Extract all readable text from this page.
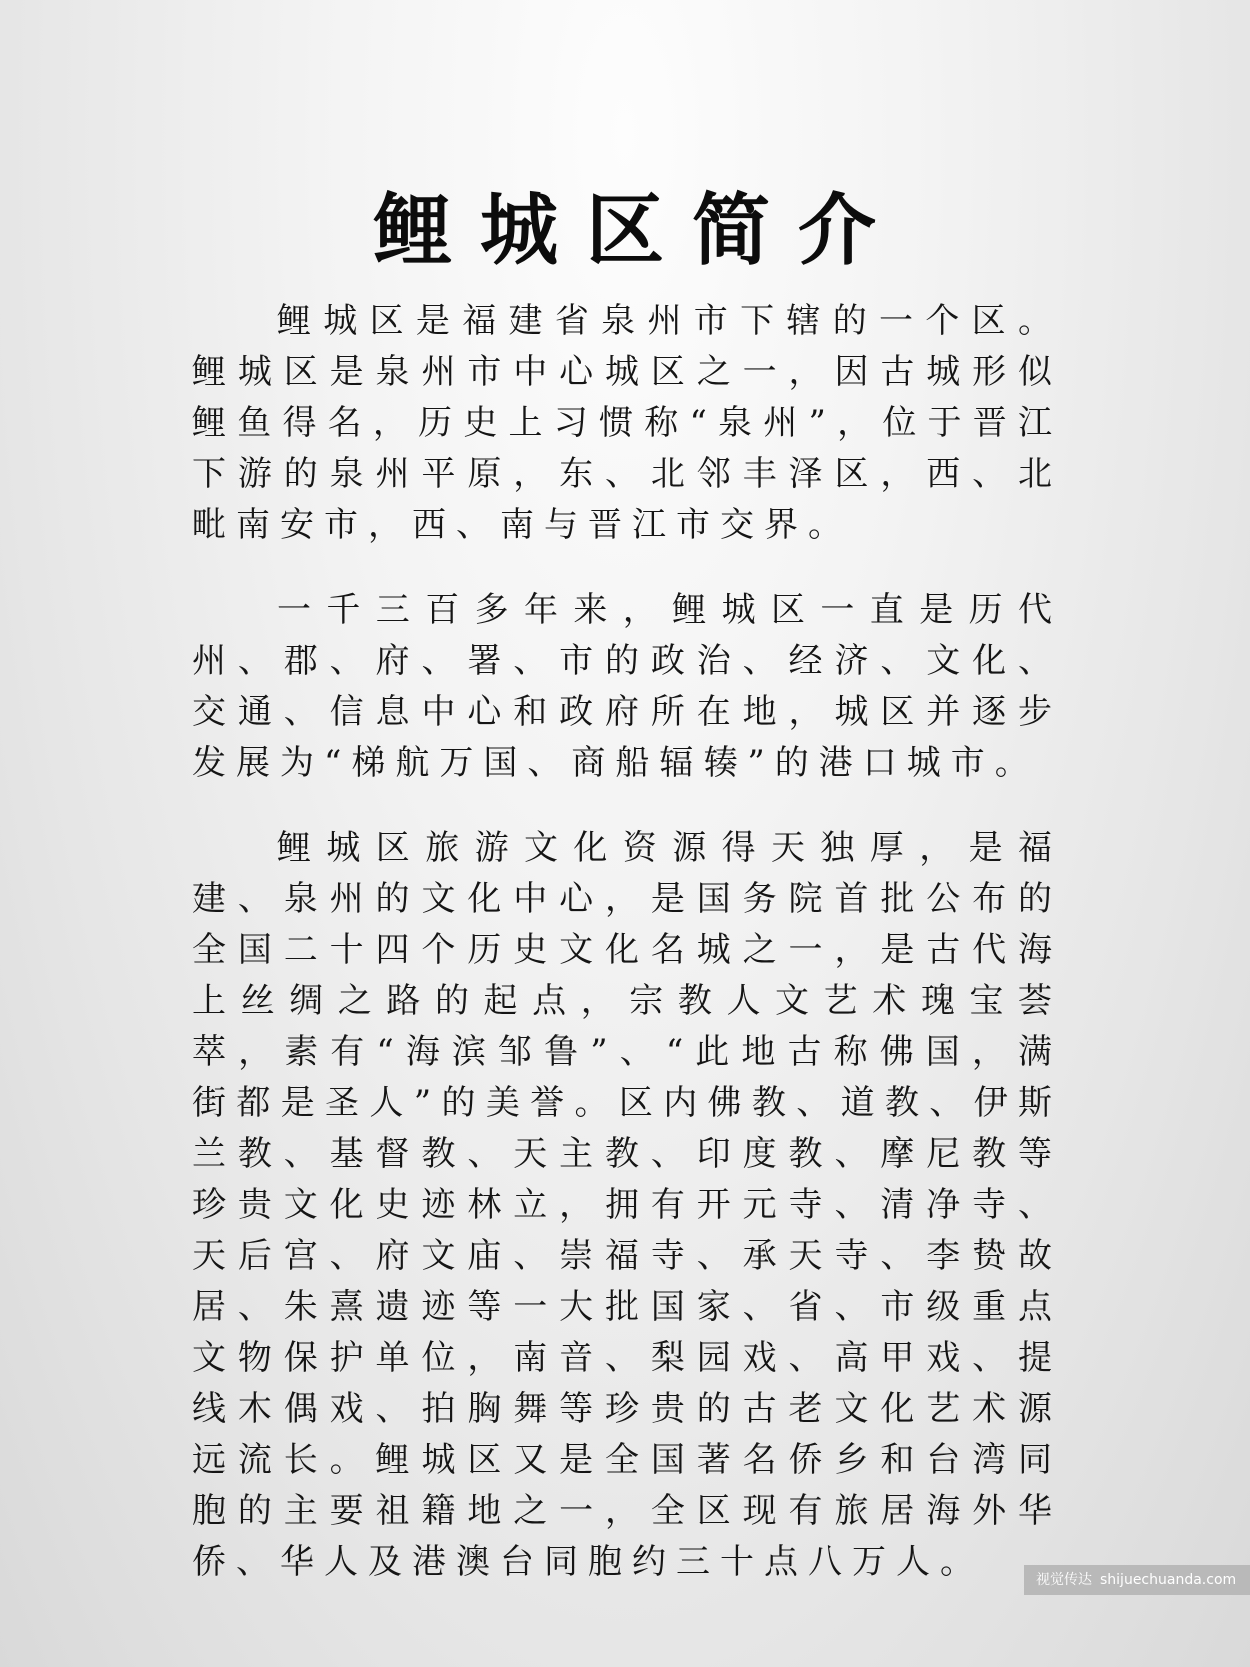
鲤城区简介

鲤城区是福建省泉州市下辖的一个区。鲤城区是泉州市中心城区之一，因古城形似鲤鱼得名，历史上习惯称“泉州”，位于晋江下游的泉州平原，东、北邻丰泽区，西、北毗南安市，西、南与晋江市交界。

一千三百多年来，鲤城区一直是历代州、郡、府、署、市的政治、经济、文化、交通、信息中心和政府所在地，城区并逐步发展为“梯航万国、商船辐辏”的港口城市。

鲤城区旅游文化资源得天独厚，是福建、泉州的文化中心，是国务院首批公布的全国二十四个历史文化名城之一，是古代海上丝绸之路的起点，宗教人文艺术瑰宝荟萃，素有“海滨邹鲁”、“此地古称佛国，满街都是圣人”的美誉。区内佛教、道教、伊斯兰教、基督教、天主教、印度教、摩尼教等珍贵文化史迹林立，拥有开元寺、清净寺、天后宫、府文庙、崇福寺、承天寺、李贽故居、朱熹遗迹等一大批国家、省、市级重点文物保护单位，南音、梨园戏、高甲戏、提线木偶戏、拍胸舞等珍贵的古老文化艺术源远流长。鲤城区又是全国著名侨乡和台湾同胞的主要祖籍地之一，全区现有旅居海外华侨、华人及港澳台同胞约三十点八万人。	视觉传达 shijuechuanda.com
